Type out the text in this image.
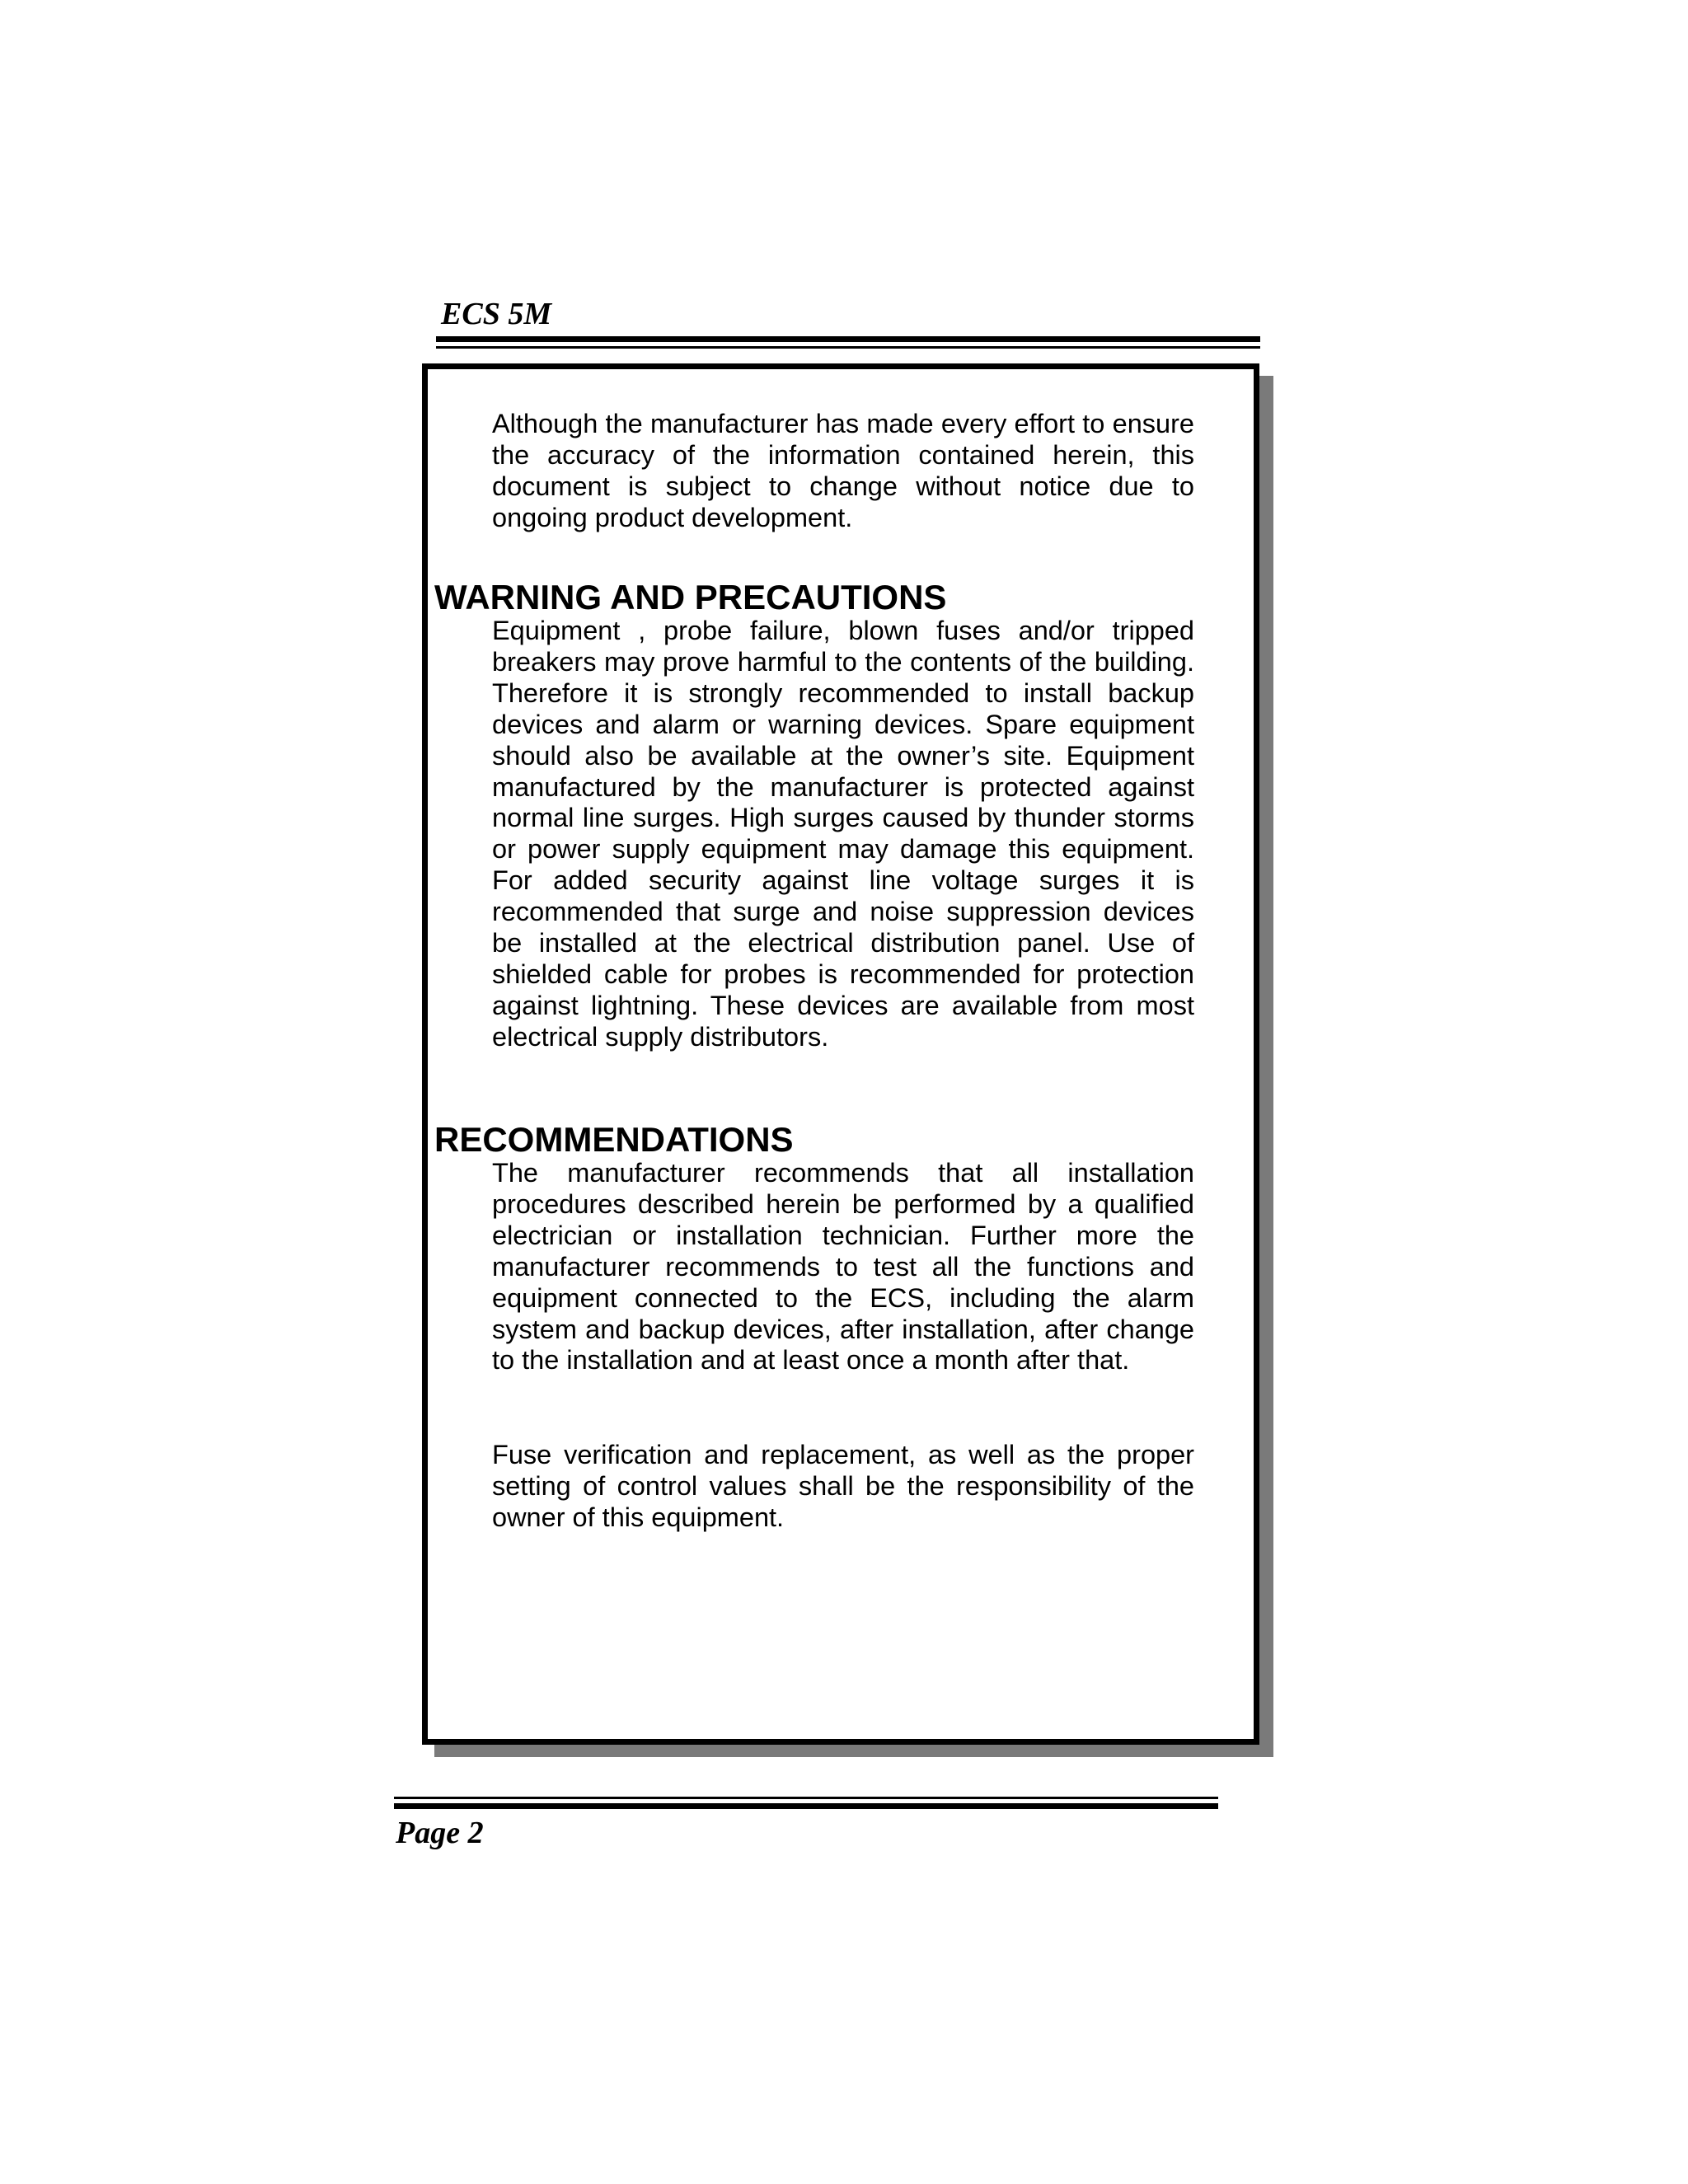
ECS 5M

Although the manufacturer has made every effort to ensure the accuracy of the information contained herein, this document is subject to change without notice due to ongoing product development.

WARNING AND PRECAUTIONS

Equipment , probe failure, blown fuses and/or tripped breakers may prove harmful to the contents of the building. Therefore it is strongly recommended to install backup devices and alarm or warning devices. Spare equipment should also be available at the owner’s site. Equipment manufactured by the manufacturer is protected against normal line surges. High surges caused by thunder storms or power supply equipment may damage this equipment. For added security against line voltage surges it is recommended that surge and noise suppression devices be installed at the electrical distribution panel. Use of shielded cable for probes is recommended for protection against lightning. These devices are available from most electrical supply distributors.

RECOMMENDATIONS

The manufacturer recommends that all installation procedures described herein be performed by a qualified electrician or installation technician. Further more the manufacturer recommends to test all the functions and equipment connected to the ECS, including the alarm system and backup devices, after installation, after change to the installation and at least once a month after that.

Fuse verification and replacement, as well as the proper setting of control values shall be the responsibility of the owner of this equipment.

Page 2
